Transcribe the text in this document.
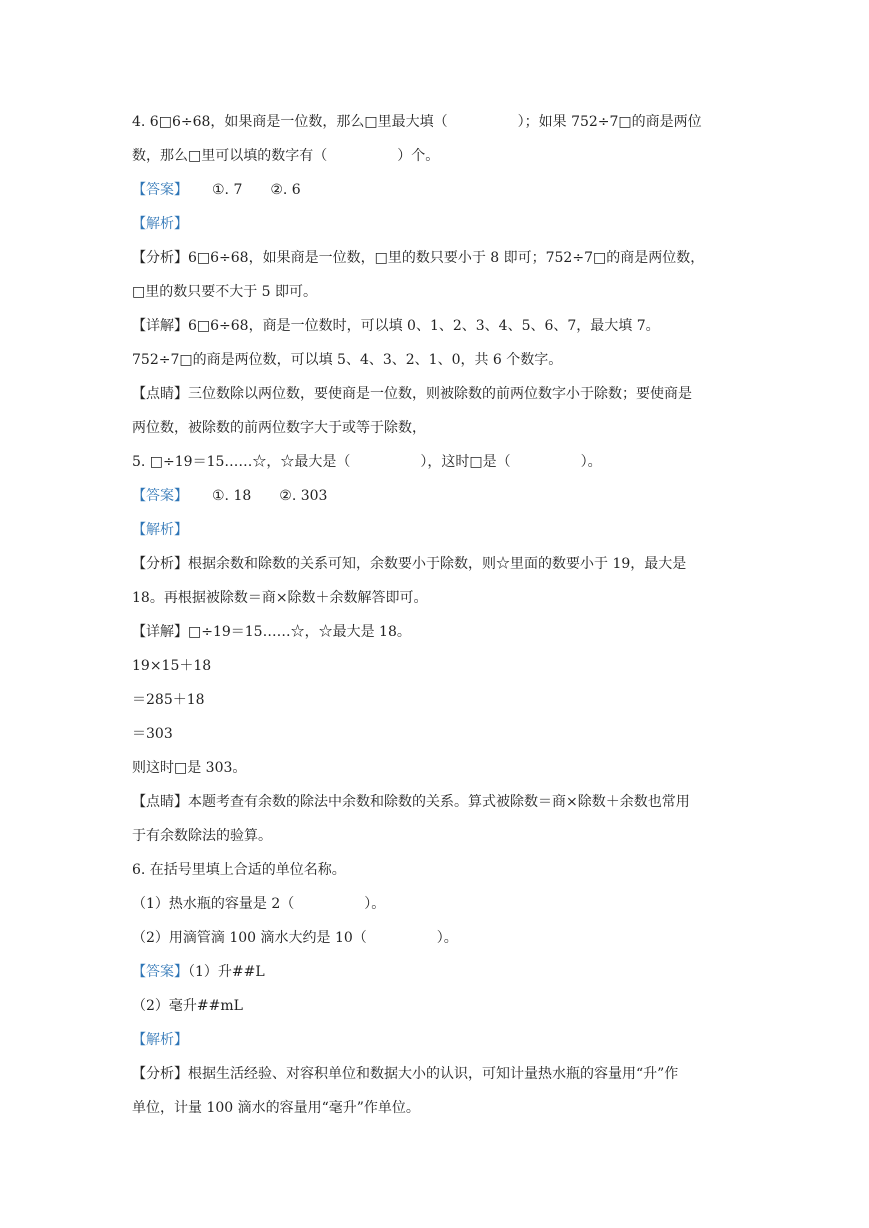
4. 6□6÷68，如果商是一位数，那么□里最大填（　　　　　）；如果 752÷7□的商是两位
数，那么□里可以填的数字有（　　　　　）个。
【答案】 ①. 7 ②. 6
【解析】
【分析】6□6÷68，如果商是一位数，□里的数只要小于 8 即可；752÷7□的商是两位数，
□里的数只要不大于 5 即可。
【详解】6□6÷68，商是一位数时，可以填 0、1、2、3、4、5、6、7，最大填 7。
752÷7□的商是两位数，可以填 5、4、3、2、1、0，共 6 个数字。
【点睛】三位数除以两位数，要使商是一位数，则被除数的前两位数字小于除数；要使商是
两位数，被除数的前两位数字大于或等于除数，
5. □÷19＝15……☆，☆最大是（　　　　　），这时□是（　　　　　）。
【答案】 ①. 18 ②. 303
【解析】
【分析】根据余数和除数的关系可知，余数要小于除数，则☆里面的数要小于 19，最大是
18。再根据被除数＝商×除数＋余数解答即可。
【详解】□÷19＝15……☆，☆最大是 18。
19×15＋18
＝285＋18
＝303
则这时□是 303。
【点睛】本题考查有余数的除法中余数和除数的关系。算式被除数＝商×除数＋余数也常用
于有余数除法的验算。
6. 在括号里填上合适的单位名称。
（1）热水瓶的容量是 2（　　　　　）。
（2）用滴管滴 100 滴水大约是 10（　　　　　）。
【答案】（1）升##L
（2）毫升##mL
【解析】
【分析】根据生活经验、对容积单位和数据大小的认识，可知计量热水瓶的容量用“升”作
单位，计量 100 滴水的容量用“毫升”作单位。
